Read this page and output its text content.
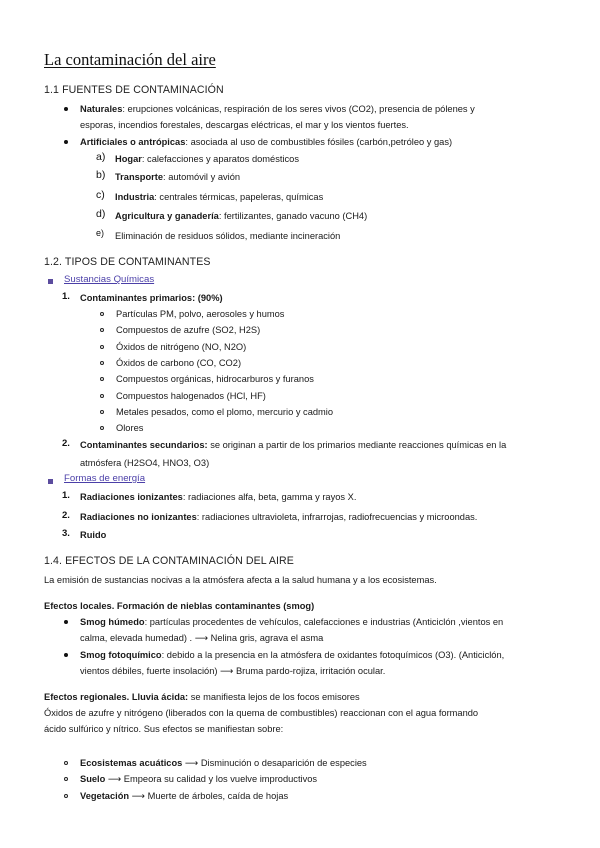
La contaminación del aire
1.1 FUENTES DE CONTAMINACIÓN
Naturales: erupciones volcánicas, respiración de los seres vivos (CO2), presencia de pólenes y
esporas, incendios forestales, descargas eléctricas, el mar y los vientos fuertes.
Artificiales o antrópicas: asociada al uso de combustibles fósiles (carbón,petróleo y gas)
a) Hogar: calefacciones y aparatos domésticos
b) Transporte: automóvil y avión
c) Industria: centrales térmicas, papeleras, químicas
d) Agricultura y ganadería: fertilizantes, ganado vacuno (CH4)
e) Eliminación de residuos sólidos, mediante incineración
1.2. TIPOS DE CONTAMINANTES
Sustancias Químicas
1. Contaminantes primarios: (90%)
Partículas PM, polvo, aerosoles y humos
Compuestos de azufre (SO2, H2S)
Óxidos de nitrógeno (NO, N2O)
Óxidos de carbono (CO, CO2)
Compuestos orgánicas, hidrocarburos y furanos
Compuestos halogenados (HCl, HF)
Metales pesados, como el plomo, mercurio y cadmio
Olores
2. Contaminantes secundarios: se originan a partir de los primarios mediante reacciones químicas en la
atmósfera (H2SO4, HNO3, O3)
Formas de energía
1. Radiaciones ionizantes: radiaciones alfa, beta, gamma y rayos X.
2. Radiaciones no ionizantes: radiaciones ultravioleta, infrarrojas, radiofrecuencias y microondas.
3. Ruido
1.4. EFECTOS DE LA CONTAMINACIÓN DEL AIRE
La emisión de sustancias nocivas a la atmósfera afecta a la salud humana y a los ecosistemas.
Efectos locales. Formación de nieblas contaminantes (smog)
Smog húmedo: partículas procedentes de vehículos, calefacciones e industrias (Anticiclón ,vientos en
calma, elevada humedad) . ⟶ Nelina gris, agrava el asma
Smog fotoquímico: debido a la presencia en la atmósfera de oxidantes fotoquímicos (O3). (Anticiclón,
vientos débiles, fuerte insolación) ⟶ Bruma pardo-rojiza, irritación ocular.
Efectos regionales. Lluvia ácida: se manifiesta lejos de los focos emisores
Óxidos de azufre y nitrógeno (liberados con la quema de combustibles) reaccionan con el agua formando
ácido sulfúrico y nítrico. Sus efectos se manifiestan sobre:
Ecosistemas acuáticos ⟶ Disminución o desaparición de especies
Suelo ⟶ Empeora su calidad y los vuelve improductivos
Vegetación ⟶ Muerte de árboles, caída de hojas
